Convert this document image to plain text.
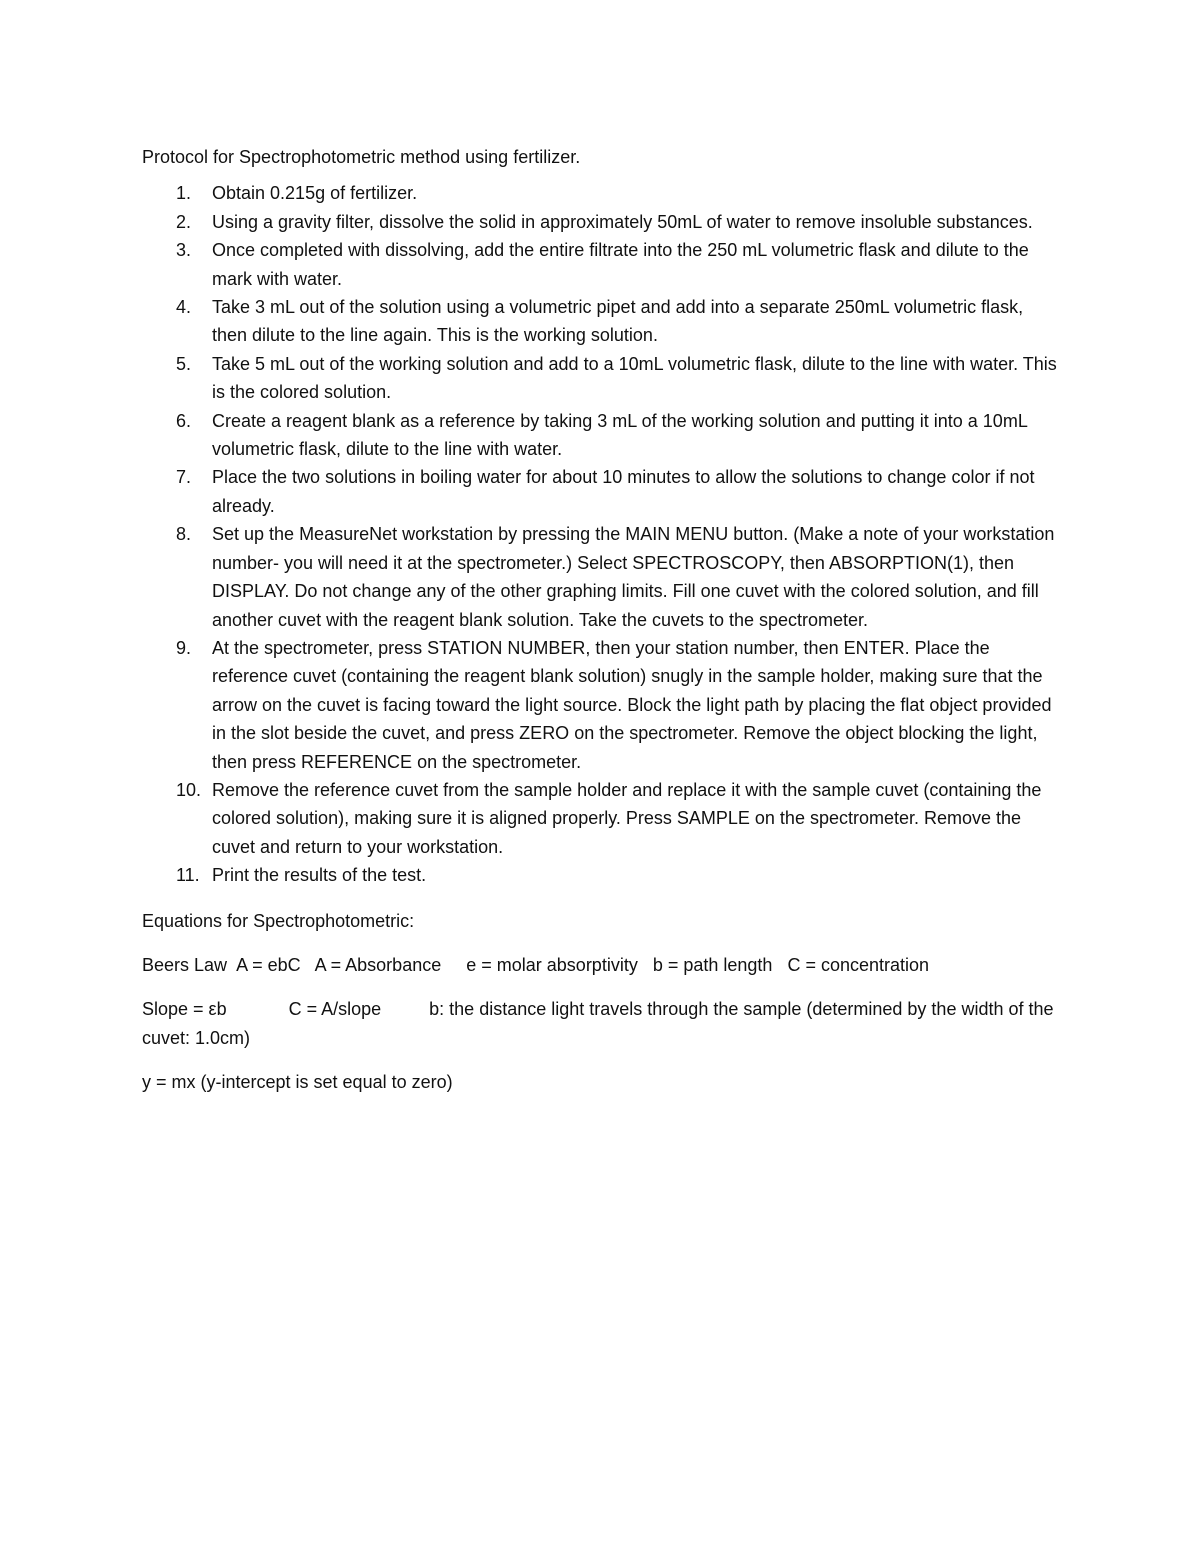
Protocol for Spectrophotometric method using fertilizer.
1.	Obtain 0.215g of fertilizer.
2.	Using a gravity filter, dissolve the solid in approximately 50mL of water to remove insoluble substances.
3.	Once completed with dissolving, add the entire filtrate into the 250 mL volumetric flask and dilute to the mark with water.
4.	Take 3 mL out of the solution using a volumetric pipet and add into a separate 250mL volumetric flask, then dilute to the line again. This is the working solution.
5.	Take 5 mL out of the working solution and add to a 10mL volumetric flask, dilute to the line with water. This is the colored solution.
6.	Create a reagent blank as a reference by taking 3 mL of the working solution and putting it into a 10mL volumetric flask, dilute to the line with water.
7.	Place the two solutions in boiling water for about 10 minutes to allow the solutions to change color if not already.
8.	Set up the MeasureNet workstation by pressing the MAIN MENU button. (Make a note of your workstation number- you will need it at the spectrometer.) Select SPECTROSCOPY, then ABSORPTION(1), then DISPLAY. Do not change any of the other graphing limits. Fill one cuvet with the colored solution, and fill another cuvet with the reagent blank solution. Take the cuvets to the spectrometer.
9.	At the spectrometer, press STATION NUMBER, then your station number, then ENTER. Place the reference cuvet (containing the reagent blank solution) snugly in the sample holder, making sure that the arrow on the cuvet is facing toward the light source. Block the light path by placing the flat object provided in the slot beside the cuvet, and press ZERO on the spectrometer. Remove the object blocking the light, then press REFERENCE on the spectrometer.
10. Remove the reference cuvet from the sample holder and replace it with the sample cuvet (containing the colored solution), making sure it is aligned properly. Press SAMPLE on the spectrometer. Remove the cuvet and return to your workstation.
11. Print the results of the test.
Equations for Spectrophotometric:
Beers Law A = ebC A = Absorbance e = molar absorptivity b = path length C = concentration
Slope = εb	C = A/slope	b: the distance light travels through the sample (determined by the width of the cuvet: 1.0cm)
y = mx (y-intercept is set equal to zero)
